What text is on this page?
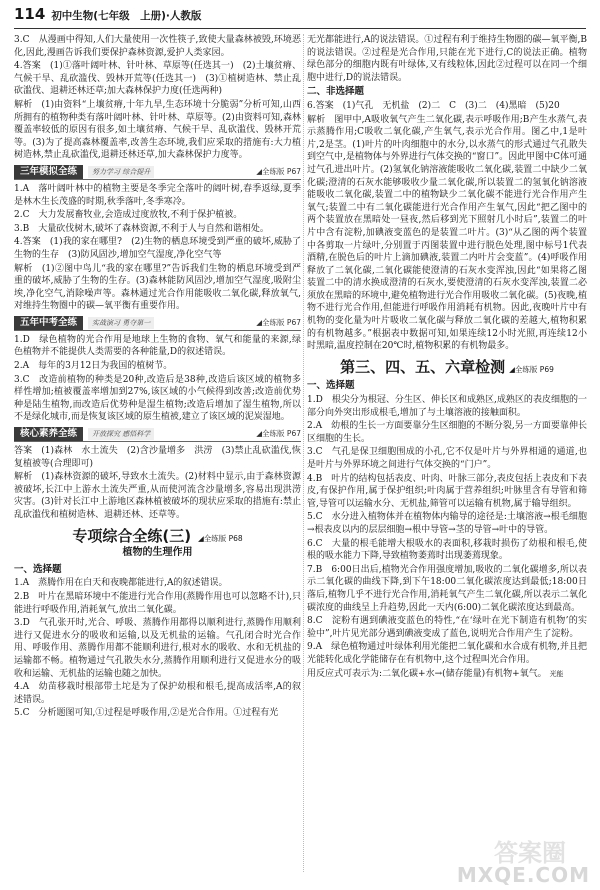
114 初中生物(七年级　上册)·人教版

3.C　从漫画中得知,人们大量使用一次性筷子,致使大量森林被毁,环境恶化,因此,漫画告诉我们要保护森林资源,爱护人类家园。

4.答案　(1)①落叶阔叶林、针叶林、草原等(任选其一)　(2)土壤贫瘠、气候干旱、乱砍滥伐、毁林开荒等(任选其一)　(3)①植树造林、禁止乱砍滥伐、退耕还林还草;加大森林保护力度(任选两种)

解析　(1)由资料“上壤贫瘠,十年九旱,生态环境十分脆弱”分析可知,山西所拥有的植物种类有落叶阔叶林、针叶林、草原等。(2)由资料可知,森林覆盖率较低的原因有很多,如土壤贫瘠、气候干旱、乱砍滥伐、毁林开荒等。(3)为了提高森林覆盖率,改善生态环境,我们应采取的措施有:大力植树造林,禁止乱砍滥伐,退耕还林还草,加大森林保护力度等。

三年模拟全练	努力学习 综合提升	◢全练版 P67

1.A　落叶阔叶林中的植物主要是冬季完全落叶的阔叶树,春季返绿,夏季是林木生长茂盛的时期,秋季落叶,冬季寒冷。

2.C　大力发展畜牧业,会造成过度放牧,不利于保护植被。

3.B　大量砍伐树木,破坏了森林资源,不利于人与自然和谐相处。

4.答案　(1)我的家在哪里?　(2)生物的栖息环境受到严重的破坏,威胁了生物的生存　(3)防风固沙,增加空气湿度,净化空气等

解析　(1)②图中鸟儿“我的家在哪里?”告诉我们生物的栖息环境受到严重的破坏,威胁了生物的生存。(3)森林能防风固沙,增加空气湿度,吸附尘埃,净化空气,消除噪声等。森林通过光合作用能吸收二氧化碳,释放氧气,对维持生物圈中的碳—氧平衡有重要作用。

五年中考全练	实战演习 勇夺第一	◢全练版 P67

1.D　绿色植物的光合作用是地球上生物的食物、氧气和能量的来源,绿色植物并不能提供人类需要的各种能量,D的叙述错误。

2.A　每年的3月12日为我国的植树节。

3.C　改造前植物的种类是20种,改造后是38种,改造后该区域的植物多样性增加;植被覆盖率增加到27%,该区域的小气候得到改善;改造前优势种是陆生植物,而改造后优势种是湿生植物;改造后增加了湿生植物,所以不是绿化城市,而是恢复该区域的原生植被,建立了该区域的泥炭湿地。

核心素养全练	开放探究 感悟科学	◢全练版 P67

答案　(1)森林　水土流失　(2)含沙量增多　洪涝　(3)禁止乱砍滥伐,恢复植被等(合理即可)

解析　(1)森林资源的破坏,导致水土流失。(2)材料中显示,由于森林资源被破坏,长江中上游水土流失严重,从而使河流含沙量增多,容易出现洪涝灾害。(3)针对长江中上游地区森林植被破坏的现状应采取的措施有:禁止乱砍滥伐和植树造林、退耕还林、还草等。

专项综合全练(三) ◢全练版 P68
植物的生理作用
一、选择题

1.A　蒸腾作用在白天和夜晚都能进行,A的叙述错误。

2.B　叶片在黑暗环境中不能进行光合作用(蒸腾作用也可以忽略不计),只能进行呼吸作用,消耗氧气,放出二氧化碳。

3.D　气孔张开时,光合、呼吸、蒸腾作用都得以顺利进行,蒸腾作用顺利进行又促进水分的吸收和运输,以及无机盐的运输。气孔闭合时光合作用、呼吸作用、蒸腾作用都不能顺利进行,根对水的吸收、水和无机盐的运输都不畅。植物通过气孔散失水分,蒸腾作用顺利进行又促进水分的吸收和运输、无机盐的运输也随之加快。

4.A　幼苗移栽时根部带土坨是为了保护幼根和根毛,提高成活率,A的叙述错误。

5.C　分析题图可知,①过程是呼吸作用,②是光合作用。①过程有光

无光都能进行,A的说法错误。①过程有利于维持生物圈的碳—氧平衡,B的说法错误。②过程是光合作用,只能在光下进行,C的说法正确。植物绿色部分的细胞内既有叶绿体,又有线粒体,因此②过程可以在同一个细胞中进行,D的说法错误。

二、非选择题

6.答案　(1)气孔　无机盐　(2)二　C　(3)二　(4)黑暗　(5)20

解析　图甲中,A吸收氧气产生二氧化碳,表示呼吸作用;B产生水蒸气,表示蒸腾作用;C吸收二氧化碳,产生氧气,表示光合作用。图乙中,1是叶片,2是茎。(1)叶片的叶肉细胞中的水分,以水蒸气的形式通过气孔散失到空气中,是植物体与外界进行气体交换的“窗口”。因此甲图中C体可通过气孔进出叶片。(2)氢氧化钠溶液能吸收二氧化碳,装置二中缺少二氧化碳;澄清的石灰水能够吸收少量二氧化碳,所以装置二的氢氧化钠溶液能吸收二氧化碳,装置二中的植物缺少二氧化碳不能进行光合作用产生氧气;装置二中有二氧化碳能进行光合作用产生氧气,因此“把乙图中的两个装置放在黑暗处一昼夜,然后移到光下照射几小时后”,装置二的叶片中含有淀粉,加碘液变蓝色的是装置二叶片。(3)“从乙图的两个装置中各剪取一片绿叶,分别置于丙图装置中进行脱色处理,图中标号1代表酒精,在脱色后的叶片上滴加碘液,装置二内叶片会变蓝”。(4)呼吸作用释放了二氧化碳,二氧化碳能使澄清的石灰水变浑浊,因此“如果将乙图装置二中的清水换成澄清的石灰水,要使澄清的石灰水变浑浊,装置二必须放在黑暗的环境中,避免植物进行光合作用吸收二氧化碳。(5)夜晚,植物不进行光合作用,但能进行呼吸作用消耗有机物。因此,夜晚叶片中有机物的变化量为叶片吸收二氧化碳与释放二氧化碳的差越大,植物积累的有机物越多。”根据表中数据可知,如果连续12小时光照,再连续12小时黑暗,温度控制在20℃时,植物积累的有机物最多。

第三、四、五、六章检测 ◢全练版 P69
一、选择题

1.D　根尖分为根冠、分生区、伸长区和成熟区,成熟区的表皮细胞的一部分向外突出形成根毛,增加了与土壤溶液的接触面积。

2.A　幼根的生长一方面要靠分生区细胞的不断分裂,另一方面要靠伸长区细胞的生长。

3.C　气孔是保卫细胞围成的小孔,它不仅是叶片与外界相通的通道,也是叶片与外界环境之间进行气体交换的“门户”。

4.B　叶片的结构包括表皮、叶肉、叶脉三部分,表皮包括上表皮和下表皮,有保护作用,属于保护组织;叶肉属于营养组织;叶脉里含有导管和筛管,导管可以运输水分、无机盐,筛管可以运输有机物,属于输导组织。

5.C　水分进入植物体并在植物体内输导的途径是:土壤溶液→根毛细胞→根表皮以内的层层细胞→根中导管→茎的导管→叶中的导管。

6.C　大量的根毛能增大根吸水的表面积,移栽时损伤了幼根和根毛,使根的吸水能力下降,导致植物萎蔫时出现萎蔫现象。

7.B　6:00日出后,植物光合作用强度增加,吸收的二氧化碳增多,所以表示二氧化碳的曲线下降,到下午18:00二氧化碳浓度达到最低;18:00日落后,植物几乎不进行光合作用,消耗氧气产生二氧化碳,所以表示二氧化碳浓度的曲线呈上升趋势,因此一天内(6:00)二氧化碳浓度达到最高。

8.C　淀粉有遇到碘液变蓝色的特性,“在‘绿叶在光下制造有机物’的实验中”,叶片见光部分遇到碘液变成了蓝色,说明光合作用产生了淀粉。

9.A　绿色植物通过叶绿体利用光能把二氧化碳和水合成有机物,并且把光能转化成化学能储存在有机物中,这个过程叫光合作用。

用反应式可表示为:二氧化碳+水→(储存能量)有机物+氧气。 光能

答案圈
MXQE.COM
